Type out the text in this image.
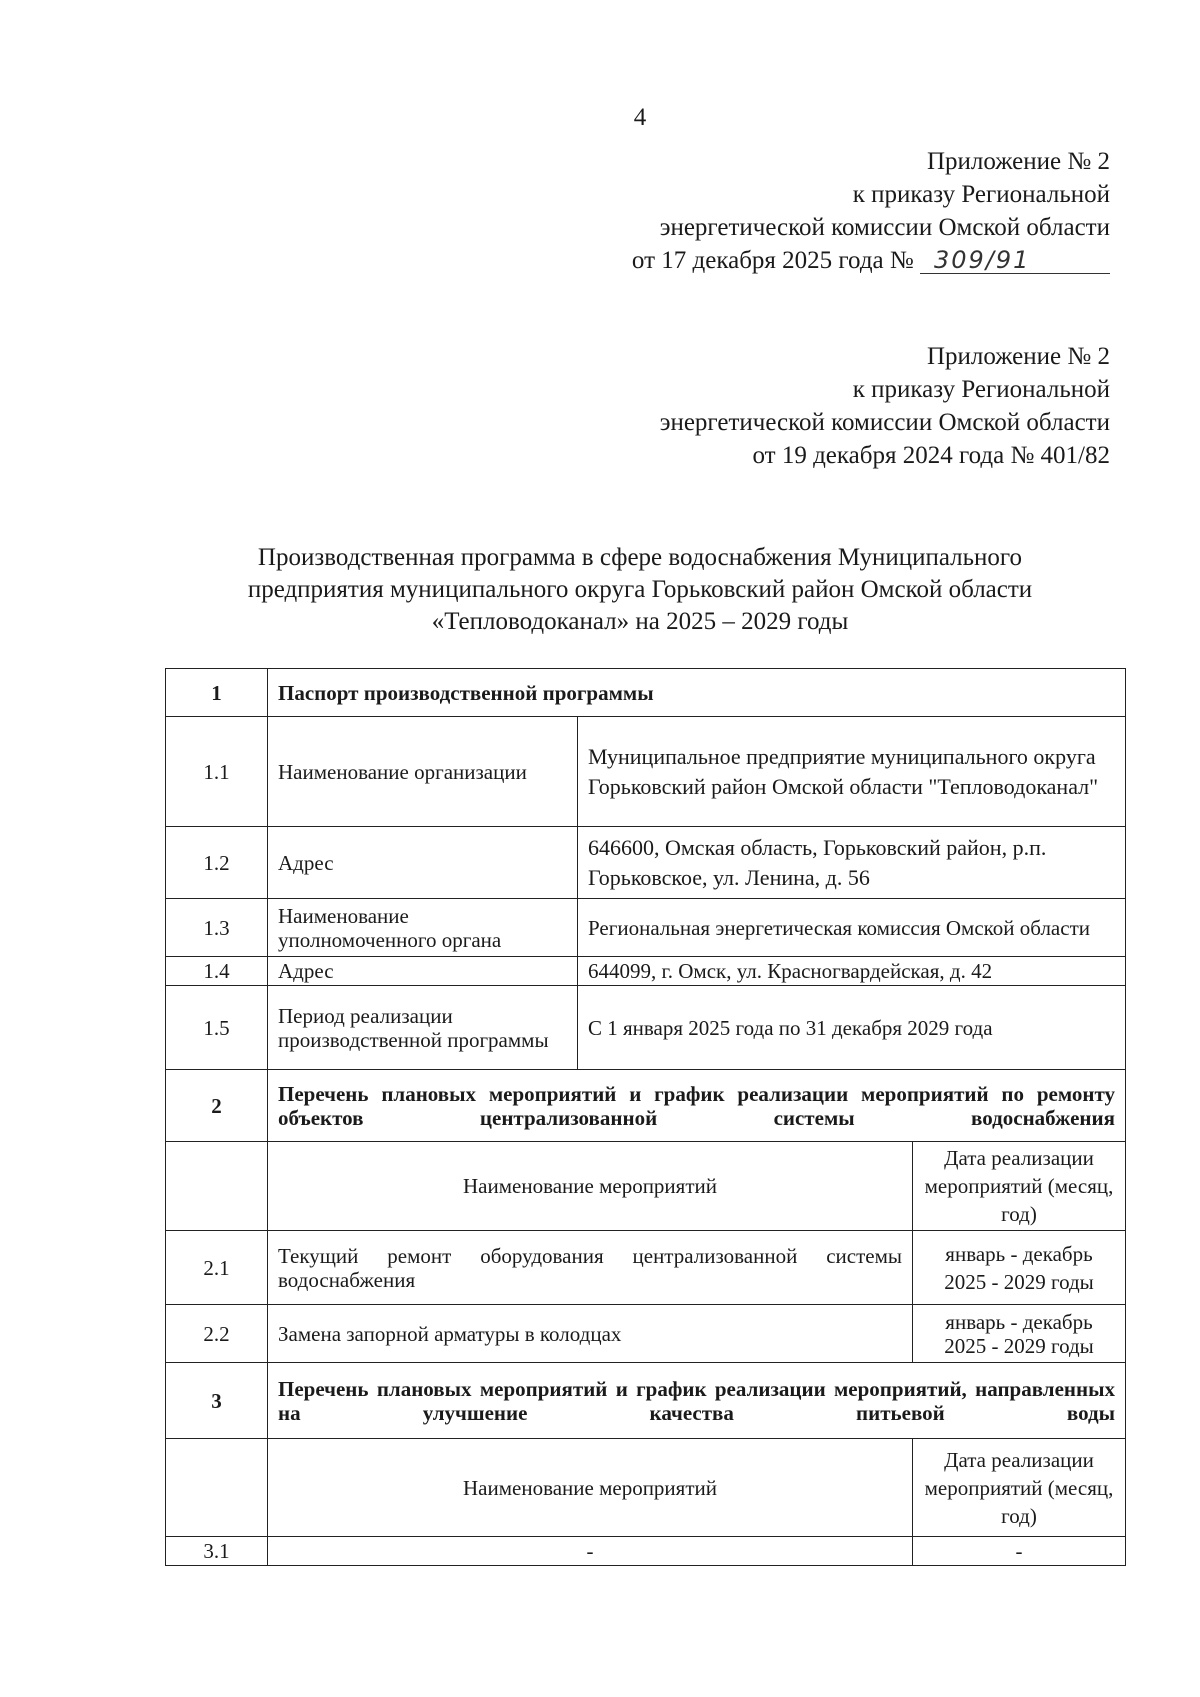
4
Приложение № 2
к приказу Региональной
энергетической комиссии Омской области
от 17 декабря 2025 года № 309/91
Приложение № 2
к приказу Региональной
энергетической комиссии Омской области
от 19 декабря 2024 года № 401/82
Производственная программа в сфере водоснабжения Муниципального
предприятия муниципального округа Горьковский район Омской области
«Тепловодоканал» на 2025 – 2029 годы
1	Паспорт производственной программы		
1.1	Наименование организации	Муниципальное предприятие муниципального округа Горьковский район Омской области "Тепловодоканал"	
1.2	Адрес	646600, Омская область, Горьковский район, р.п. Горьковское, ул. Ленина, д. 56	
1.3	Наименование уполномоченного органа	Региональная энергетическая комиссия Омской области	
1.4	Адрес	644099, г. Омск, ул. Красногвардейская, д. 42	
1.5	Период реализации производственной программы	С 1 января 2025 года по 31 декабря 2029 года	
2	Перечень плановых мероприятий и график реализации мероприятий по ремонту объектов централизованной системы водоснабжения		
	Наименование мероприятий		Дата реализации мероприятий (месяц, год)
2.1	Текущий ремонт оборудования централизованной системы водоснабжения		январь - декабрь 2025 - 2029 годы
2.2	Замена запорной арматуры в колодцах		январь - декабрь 2025 - 2029 годы
3	Перечень плановых мероприятий и график реализации мероприятий, направленных на улучшение качества питьевой воды		
	Наименование мероприятий		Дата реализации мероприятий (месяц, год)
3.1	-		-
